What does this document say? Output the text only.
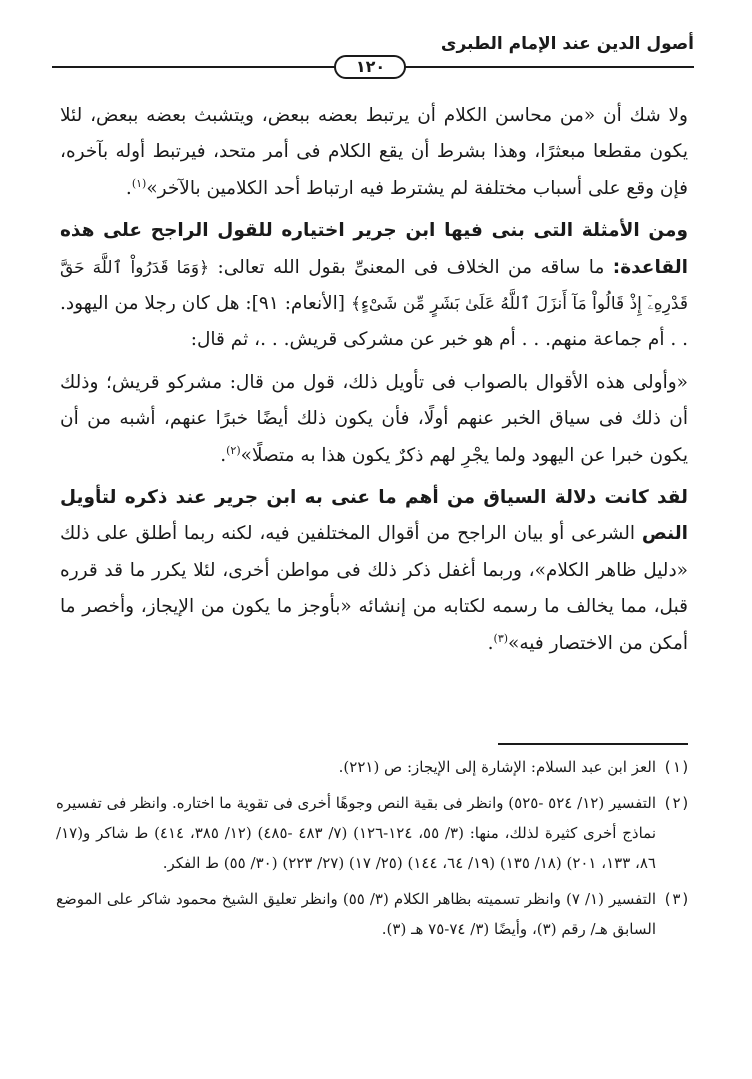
أصول الدين عند الإمام الطبرى
١٢٠

ولا شك أن «من محاسن الكلام أن يرتبط بعضه ببعض، ويتشبث بعضه ببعض، لئلا يكون مقطعا مبعثرًا، وهذا بشرط أن يقع الكلام فى أمر متحد، فيرتبط أوله بآخره، فإن وقع على أسباب مختلفة لم يشترط فيه ارتباط أحد الكلامين بالآخر»$^{(١)}$.

ومن الأمثلة التى بنى فيها ابن جرير اختياره للقول الراجح على هذه القاعدة: ما ساقه من الخلاف فى المعنىِّ بقول الله تعالى: ﴿وَمَا قَدَرُواْ ٱللَّهَ حَقَّ قَدْرِهِۦٓ إِذْ قَالُواْ مَآ أَنزَلَ ٱللَّهُ عَلَىٰ بَشَرٍ مِّن شَىْءٍ﴾ [الأنعام: ٩١]: هل كان رجلا من اليهود. . . أم جماعة منهم. . . أم هو خبر عن مشركى قريش. . .، ثم قال:

«وأولى هذه الأقوال بالصواب فى تأويل ذلك، قول من قال: مشركو قريش؛ وذلك أن ذلك فى سياق الخبر عنهم أولًا، فأن يكون ذلك أيضًا خبرًا عنهم، أشبه من أن يكون خبرا عن اليهود ولما يجْرِ لهم ذكرٌ يكون هذا به متصلًا»$^{(٢)}$.

لقد كانت دلالة السياق من أهم ما عنى به ابن جرير عند ذكره لتأويل النص الشرعى أو بيان الراجح من أقوال المختلفين فيه، لكنه ربما أطلق على ذلك «دليل ظاهر الكلام»، وربما أغفل ذكر ذلك فى مواطن أخرى، لئلا يكرر ما قد قرره قبل، مما يخالف ما رسمه لكتابه من إنشائه «بأوجز ما يكون من الإيجاز، وأخصر ما أمكن من الاختصار فيه»$^{(٣)}$.

(١)
العز ابن عبد السلام: الإشارة إلى الإيجاز: ص (٢٢١).
(٢)
التفسير (١٢/ ٥٢٤ -٥٢٥) وانظر فى بقية النص وجوهًا أخرى فى تقوية ما اختاره. وانظر فى تفسيره نماذج أخرى كثيرة لذلك، منها: (٣/ ٥٥، ١٢٤-١٢٦) (٧/ ٤٨٣ -٤٨٥) (١٢/ ٣٨٥، ٤١٤) ط شاكر و(١٧/ ٨٦، ١٣٣، ٢٠١) (١٨/ ١٣٥) (١٩/ ٦٤، ١٤٤) (٢٥/ ١٧) (٢٧/ ٢٢٣) (٣٠/ ٥٥) ط الفكر.
(٣)
التفسير (١/ ٧) وانظر تسميته بظاهر الكلام (٣/ ٥٥) وانظر تعليق الشيخ محمود شاكر على الموضع السابق هـ/ رقم (٣)، وأيضًا (٣/ ٧٤-٧٥ هـ (٣).
